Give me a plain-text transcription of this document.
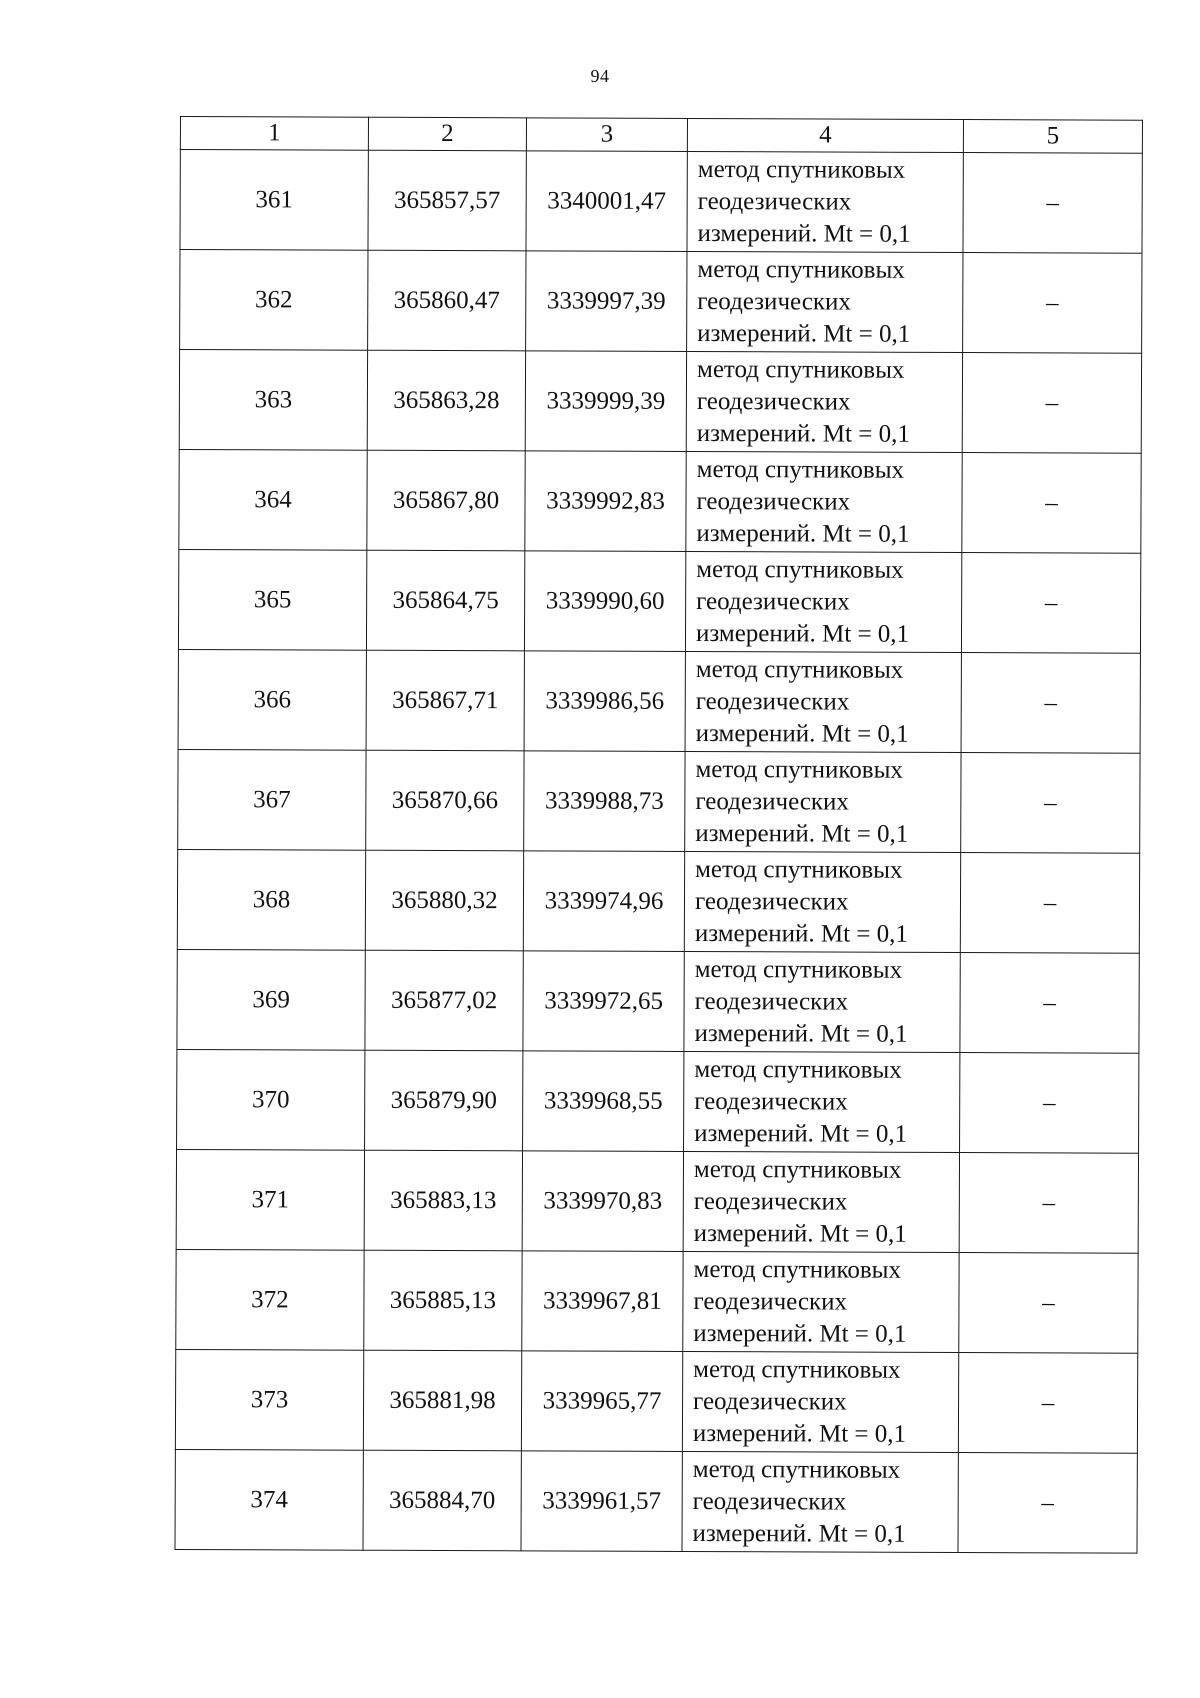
94
1	2	3	4	5
361	365857,57	3340001,47	метод спутниковых
геодезических
измерений. Mt = 0,1	–
362	365860,47	3339997,39	метод спутниковых
геодезических
измерений. Mt = 0,1	–
363	365863,28	3339999,39	метод спутниковых
геодезических
измерений. Mt = 0,1	–
364	365867,80	3339992,83	метод спутниковых
геодезических
измерений. Mt = 0,1	–
365	365864,75	3339990,60	метод спутниковых
геодезических
измерений. Mt = 0,1	–
366	365867,71	3339986,56	метод спутниковых
геодезических
измерений. Mt = 0,1	–
367	365870,66	3339988,73	метод спутниковых
геодезических
измерений. Mt = 0,1	–
368	365880,32	3339974,96	метод спутниковых
геодезических
измерений. Mt = 0,1	–
369	365877,02	3339972,65	метод спутниковых
геодезических
измерений. Mt = 0,1	–
370	365879,90	3339968,55	метод спутниковых
геодезических
измерений. Mt = 0,1	–
371	365883,13	3339970,83	метод спутниковых
геодезических
измерений. Mt = 0,1	–
372	365885,13	3339967,81	метод спутниковых
геодезических
измерений. Mt = 0,1	–
373	365881,98	3339965,77	метод спутниковых
геодезических
измерений. Mt = 0,1	–
374	365884,70	3339961,57	метод спутниковых
геодезических
измерений. Mt = 0,1	–
